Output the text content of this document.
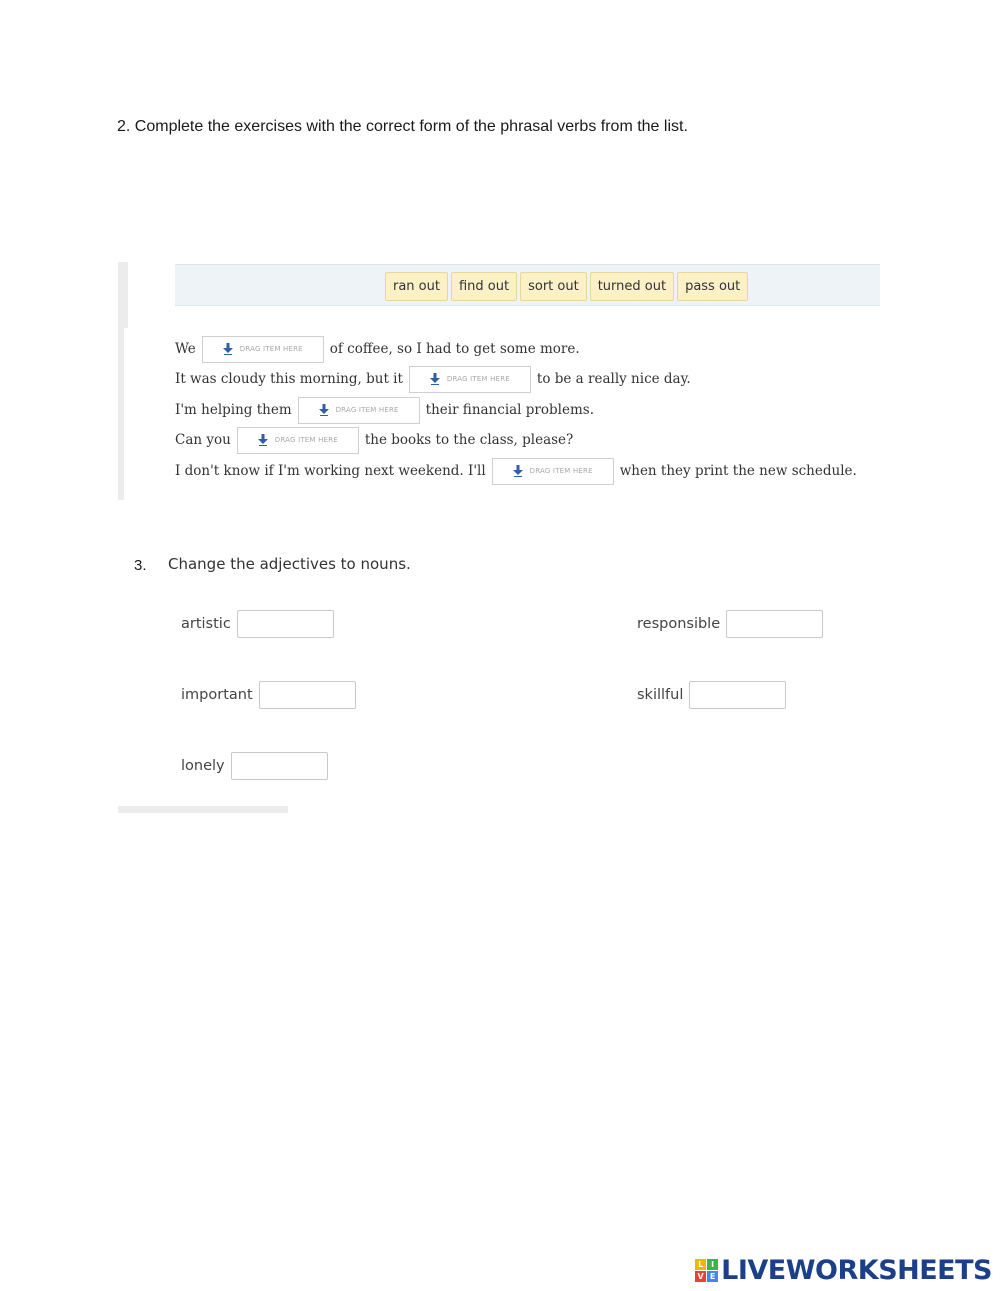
2. Complete the exercises with the correct form of the phrasal verbs from the list.
ran out	find out	sort out	turned out	pass out
We	DRAG ITEM HERE of coffee, so I had to get some more.
It was cloudy this morning, but it	DRAG ITEM HERE to be a really nice day.
I'm helping them	DRAG ITEM HERE their financial problems.
Can you	DRAG ITEM HERE the books to the class, please?
I don't know if I'm working next weekend. I'll	DRAG ITEM HERE when they print the new schedule.
3. Change the adjectives to nouns.
artistic	responsible
important	skillful
lonely
L I
V E LIVEWORKSHEETS
